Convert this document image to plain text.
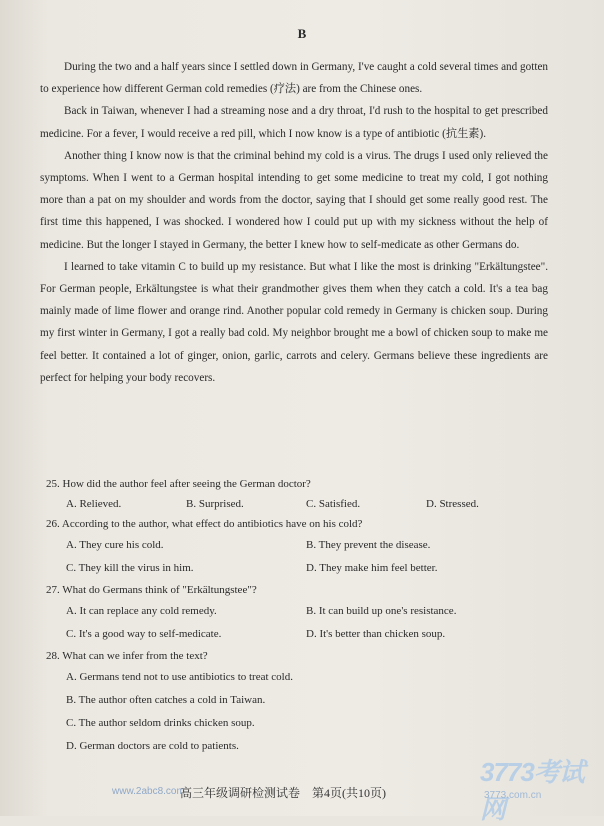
B

During the two and a half years since I settled down in Germany, I've caught a cold several times and gotten to experience how different German cold remedies (疗法) are from the Chinese ones.

Back in Taiwan, whenever I had a streaming nose and a dry throat, I'd rush to the hospital to get prescribed medicine. For a fever, I would receive a red pill, which I now know is a type of antibiotic (抗生素).

Another thing I know now is that the criminal behind my cold is a virus. The drugs I used only relieved the symptoms. When I went to a German hospital intending to get some medicine to treat my cold, I got nothing more than a pat on my shoulder and words from the doctor, saying that I should get some really good rest. The first time this happened, I was shocked. I wondered how I could put up with my sickness without the help of medicine. But the longer I stayed in Germany, the better I knew how to self-medicate as other Germans do.

I learned to take vitamin C to build up my resistance. But what I like the most is drinking "Erkältungstee". For German people, Erkältungstee is what their grandmother gives them when they catch a cold. It's a tea bag mainly made of lime flower and orange rind. Another popular cold remedy in Germany is chicken soup. During my first winter in Germany, I got a really bad cold. My neighbor brought me a bowl of chicken soup to make me feel better. It contained a lot of ginger, onion, garlic, carrots and celery. Germans believe these ingredients are perfect for helping your body recovers.

25. How did the author feel after seeing the German doctor?

A. Relieved.	B. Surprised.	C. Satisfied.	D. Stressed.

26. According to the author, what effect do antibiotics have on his cold?

A. They cure his cold.	B. They prevent the disease.
C. They kill the virus in him.	D. They make him feel better.

27. What do Germans think of "Erkältungstee"?

A. It can replace any cold remedy.	B. It can build up one's resistance.
C. It's a good way to self-medicate.	D. It's better than chicken soup.

28. What can we infer from the text?

A. Germans tend not to use antibiotics to treat cold.
B. The author often catches a cold in Taiwan.
C. The author seldom drinks chicken soup.
D. German doctors are cold to patients.
www.2abc8.com
高三年级调研检测试卷　第4页(共10页)
3773考试网
3773.com.cn
